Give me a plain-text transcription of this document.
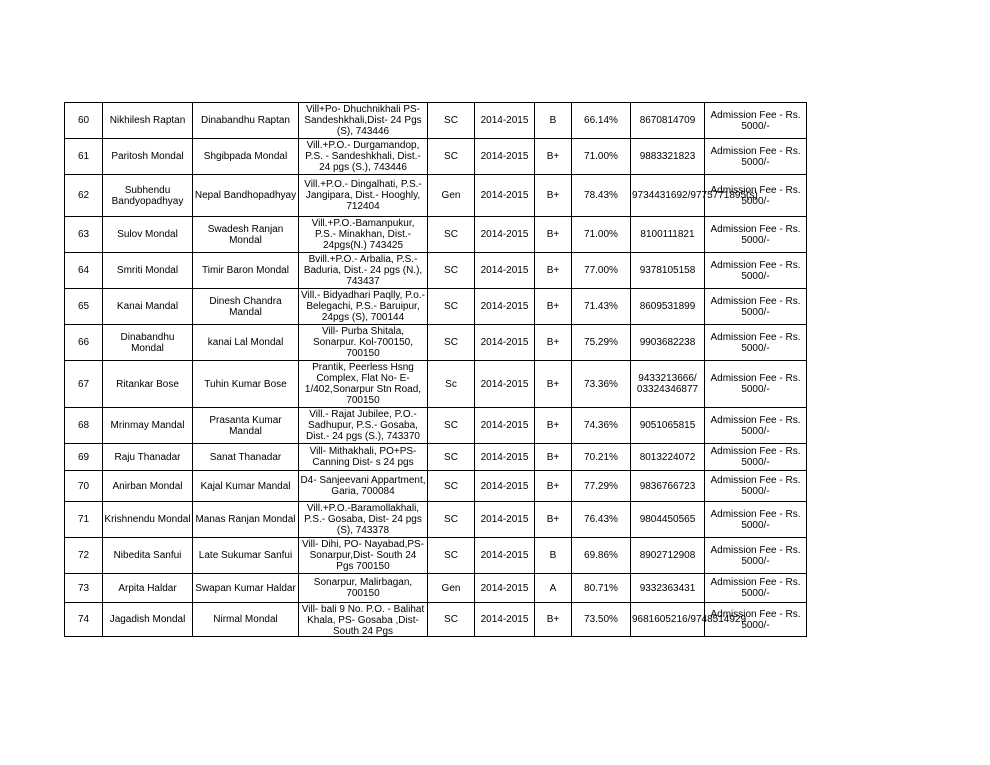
60	Nikhilesh Raptan	Dinabandhu Raptan	Vill+Po- Dhuchnikhali PS- Sandeshkhali,Dist- 24 Pgs (S), 743446	SC	2014-2015	B	66.14%	8670814709	Admission Fee - Rs. 5000/-

61	Paritosh Mondal	Shgibpada Mondal	Vill.+P.O.- Durgamandop, P.S. - Sandeshkhali, Dist.- 24 pgs (S.), 743446	SC	2014-2015	B+	71.00%	9883321823	Admission Fee - Rs. 5000/-

62	Subhendu Bandyopadhyay	Nepal Bandhopadhyay	Vill.+P.O.- Dingalhati, P.S.- Jangipara, Dist.- Hooghly, 712404	Gen	2014-2015	B+	78.43%	9734431692/9775771895(s)	Admission Fee - Rs. 5000/-

63	Sulov Mondal	Swadesh Ranjan Mondal	Vill.+P.O.-Bamanpukur, P.S.- Minakhan, Dist.- 24pgs(N.) 743425	SC	2014-2015	B+	71.00%	8100111821	Admission Fee - Rs. 5000/-

64	Smriti Mondal	Timir Baron Mondal	Bvill.+P.O.- Arbalia, P.S.- Baduria, Dist.- 24 pgs (N.), 743437	SC	2014-2015	B+	77.00%	9378105158	Admission Fee - Rs. 5000/-

65	Kanai Mandal	Dinesh Chandra Mandal	Vill.- Bidyadhari Paqlly, P.o.- Belegachi, P.S.- Baruipur, 24pgs (S), 700144	SC	2014-2015	B+	71.43%	8609531899	Admission Fee - Rs. 5000/-

66	Dinabandhu Mondal	kanai Lal Mondal	Vill- Purba Shitala, Sonarpur. Kol-700150, 700150	SC	2014-2015	B+	75.29%	9903682238	Admission Fee - Rs. 5000/-

67	Ritankar Bose	Tuhin Kumar Bose	Prantik, Peerless Hsng Complex, Flat No- E-1/402,Sonarpur Stn Road, 700150	Sc	2014-2015	B+	73.36%	9433213666/ 03324346877	Admission Fee - Rs. 5000/-

68	Mrinmay Mandal	Prasanta Kumar Mandal	Vill.- Rajat Jubilee, P.O.- Sadhupur, P.S.- Gosaba, Dist.- 24 pgs (S.), 743370	SC	2014-2015	B+	74.36%	9051065815	Admission Fee - Rs. 5000/-

69	Raju Thanadar	Sanat Thanadar	Vill- Mithakhali, PO+PS- Canning Dist- s 24 pgs	SC	2014-2015	B+	70.21%	8013224072	Admission Fee - Rs. 5000/-

70	Anirban Mondal	Kajal Kumar Mandal	D4- Sanjeevani Appartment, Garia, 700084	SC	2014-2015	B+	77.29%	9836766723	Admission Fee - Rs. 5000/-

71	Krishnendu Mondal	Manas Ranjan Mondal	Vill.+P.O.-Baramollakhali, P.S.- Gosaba, Dist- 24 pgs (S), 743378	SC	2014-2015	B+	76.43%	9804450565	Admission Fee - Rs. 5000/-

72	Nibedita Sanfui	Late Sukumar Sanfui	Vill- Dihi, PO- Nayabad,PS- Sonarpur,Dist- South 24 Pgs 700150	SC	2014-2015	B	69.86%	8902712908	Admission Fee - Rs. 5000/-

73	Arpita Haldar	Swapan Kumar Haldar	Sonarpur, Malirbagan, 700150	Gen	2014-2015	A	80.71%	9332363431	Admission Fee - Rs. 5000/-

74	Jagadish Mondal	Nirmal Mondal	Vill- bali 9 No. P.O. - Balihat Khala, PS- Gosaba ,Dist- South 24 Pgs	SC	2014-2015	B+	73.50%	9681605216/9748514929	Admission Fee - Rs. 5000/-
